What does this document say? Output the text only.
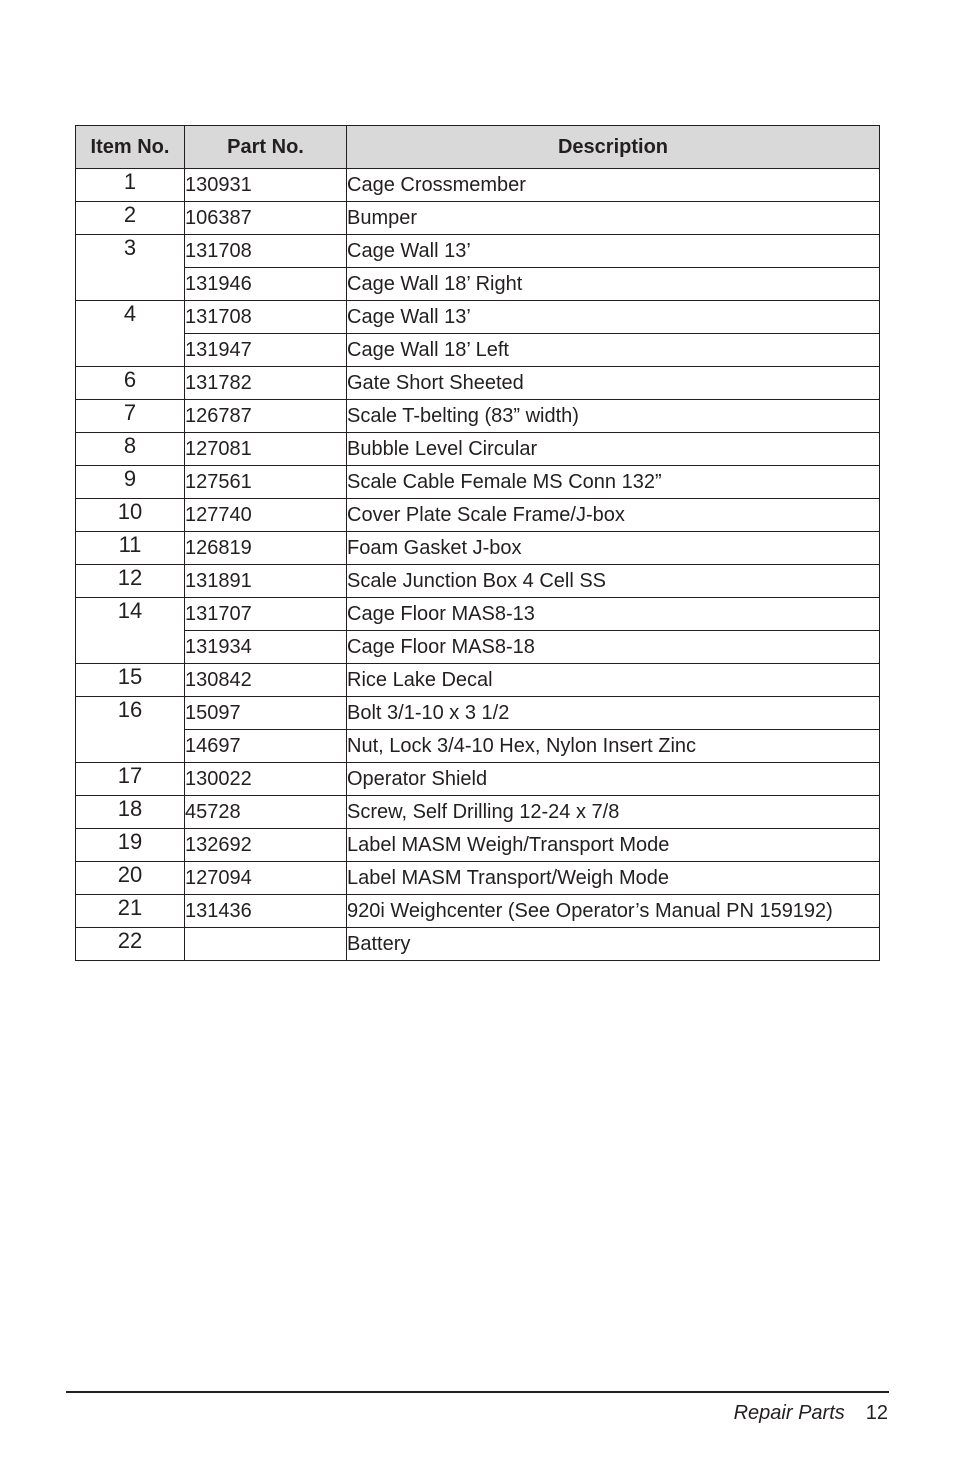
Item No.	Part No.	Description
1	130931	Cage Crossmember
2	106387	Bumper
3	131708	Cage Wall 13’
	131946	Cage Wall 18’ Right
4	131708	Cage Wall 13’
	131947	Cage Wall 18’ Left
6	131782	Gate Short Sheeted
7	126787	Scale T-belting (83” width)
8	127081	Bubble Level Circular
9	127561	Scale Cable Female MS Conn 132”
10	127740	Cover Plate Scale Frame/J-box
11	126819	Foam Gasket J-box
12	131891	Scale Junction Box 4 Cell SS
14	131707	Cage Floor MAS8-13
	131934	Cage Floor MAS8-18
15	130842	Rice Lake Decal
16	15097	Bolt 3/1-10 x 3 1/2
	14697	Nut, Lock 3/4-10 Hex, Nylon Insert Zinc
17	130022	Operator Shield
18	45728	Screw, Self Drilling 12-24 x 7/8
19	132692	Label MASM Weigh/Transport Mode
20	127094	Label MASM Transport/Weigh Mode
21	131436	920i Weighcenter (See Operator’s Manual PN 159192)
22		Battery
Repair Parts 12
